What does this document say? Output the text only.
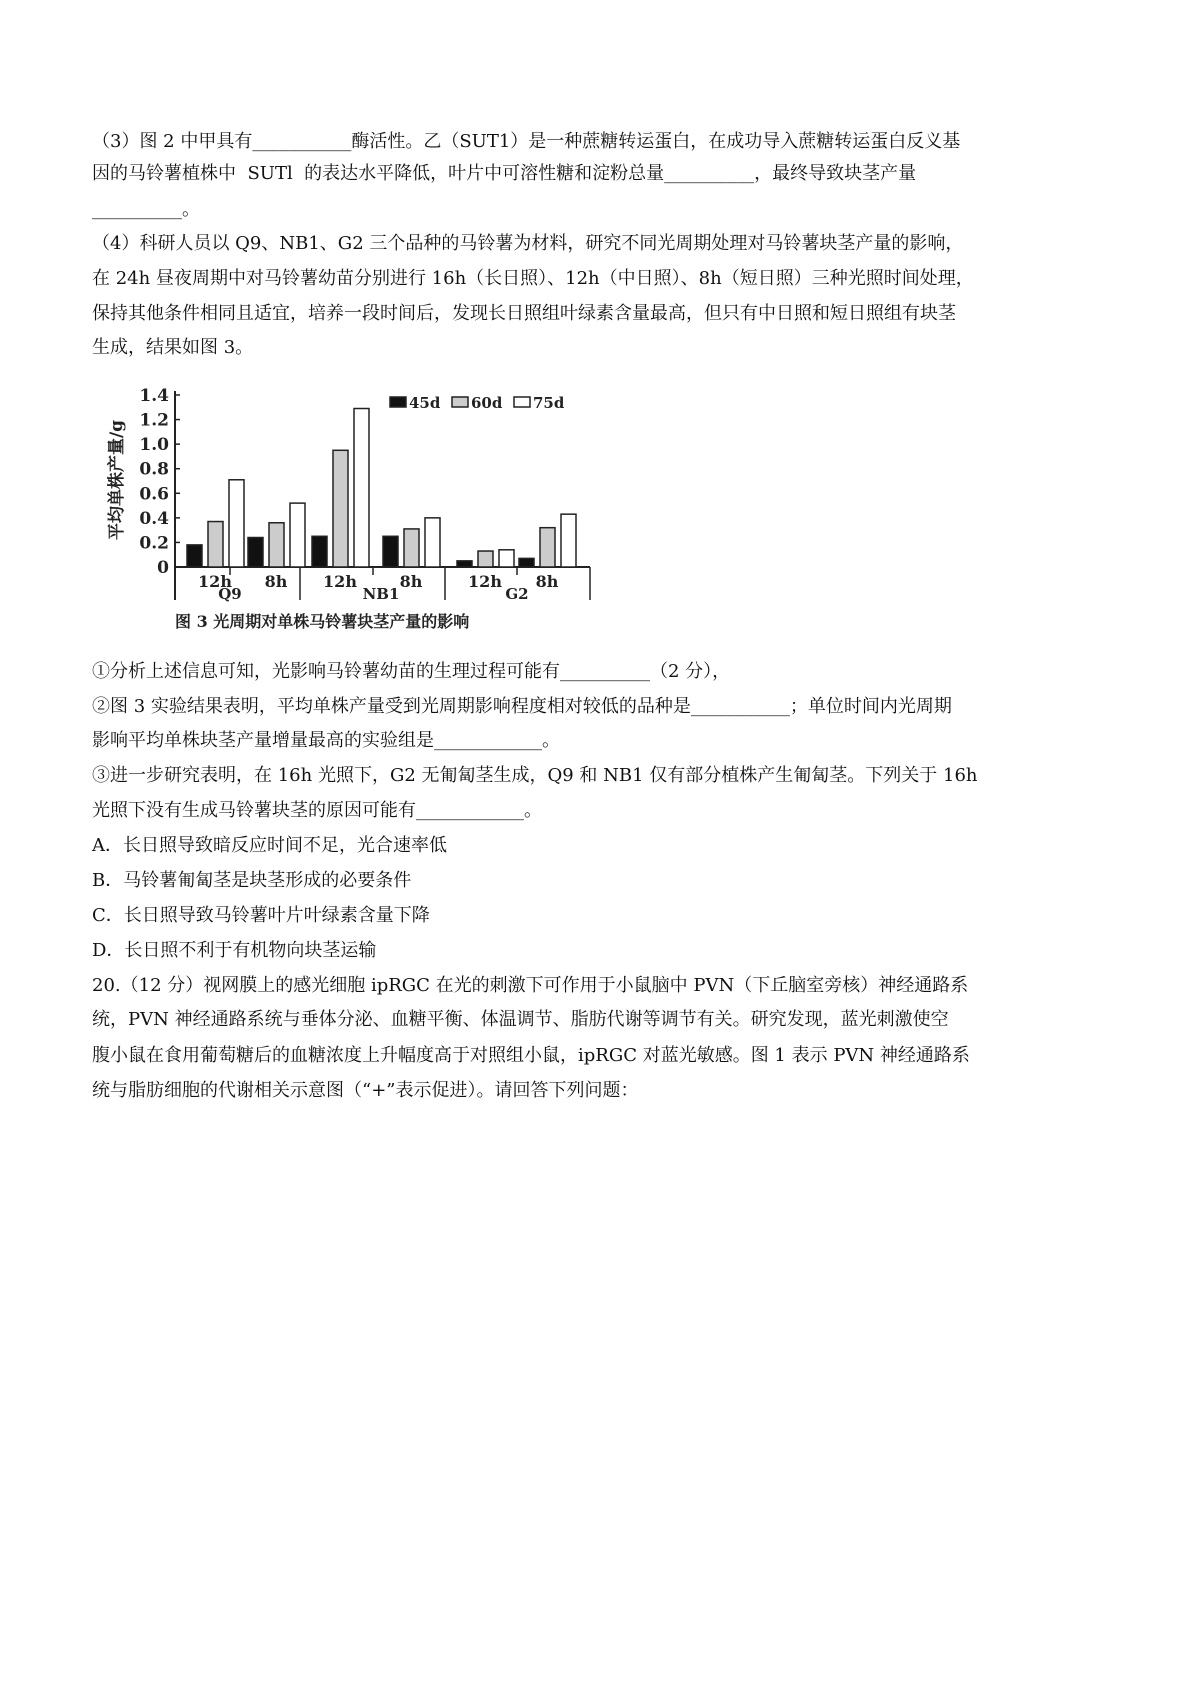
（3）图 2 中甲具有___________酶活性。乙（SUT1）是一种蔗糖转运蛋白，在成功导入蔗糖转运蛋白反义基
因的马铃薯植株中  SUTl  的表达水平降低，叶片中可溶性糖和淀粉总量__________，最终导致块茎产量
__________。
（4）科研人员以 Q9、NB1、G2 三个品种的马铃薯为材料，研究不同光周期处理对马铃薯块茎产量的影响，
在 24h 昼夜周期中对马铃薯幼苗分别进行 16h（长日照）、12h（中日照）、8h（短日照）三种光照时间处理，
保持其他条件相同且适宜，培养一段时间后，发现长日照组叶绿素含量最高，但只有中日照和短日照组有块茎
生成，结果如图 3。
0
0.2
0.4
0.6
0.8
1.0
1.2
1.4
平均单株产量/g
12h 8h 12h	8h	12h 8h
Q9	NB1	G2
45d 60d 75d
图 3 光周期对单株马铃薯块茎产量的影响
①分析上述信息可知，光影响马铃薯幼苗的生理过程可能有__________（2 分），
②图 3 实验结果表明，平均单株产量受到光周期影响程度相对较低的品种是___________；单位时间内光周期
影响平均单株块茎产量增量最高的实验组是____________。
③进一步研究表明，在 16h 光照下，G2 无匍匐茎生成，Q9 和 NB1 仅有部分植株产生匍匐茎。下列关于 16h
光照下没有生成马铃薯块茎的原因可能有____________。
A．长日照导致暗反应时间不足，光合速率低
B．马铃薯匍匐茎是块茎形成的必要条件
C．长日照导致马铃薯叶片叶绿素含量下降
D．长日照不利于有机物向块茎运输
20.（12 分）视网膜上的感光细胞 ipRGC 在光的刺激下可作用于小鼠脑中 PVN（下丘脑室旁核）神经通路系
统，PVN 神经通路系统与垂体分泌、血糖平衡、体温调节、脂肪代谢等调节有关。研究发现，蓝光刺激使空
腹小鼠在食用葡萄糖后的血糖浓度上升幅度高于对照组小鼠，ipRGC 对蓝光敏感。图 1 表示 PVN 神经通路系
统与脂肪细胞的代谢相关示意图（“+”表示促进）。请回答下列问题：
